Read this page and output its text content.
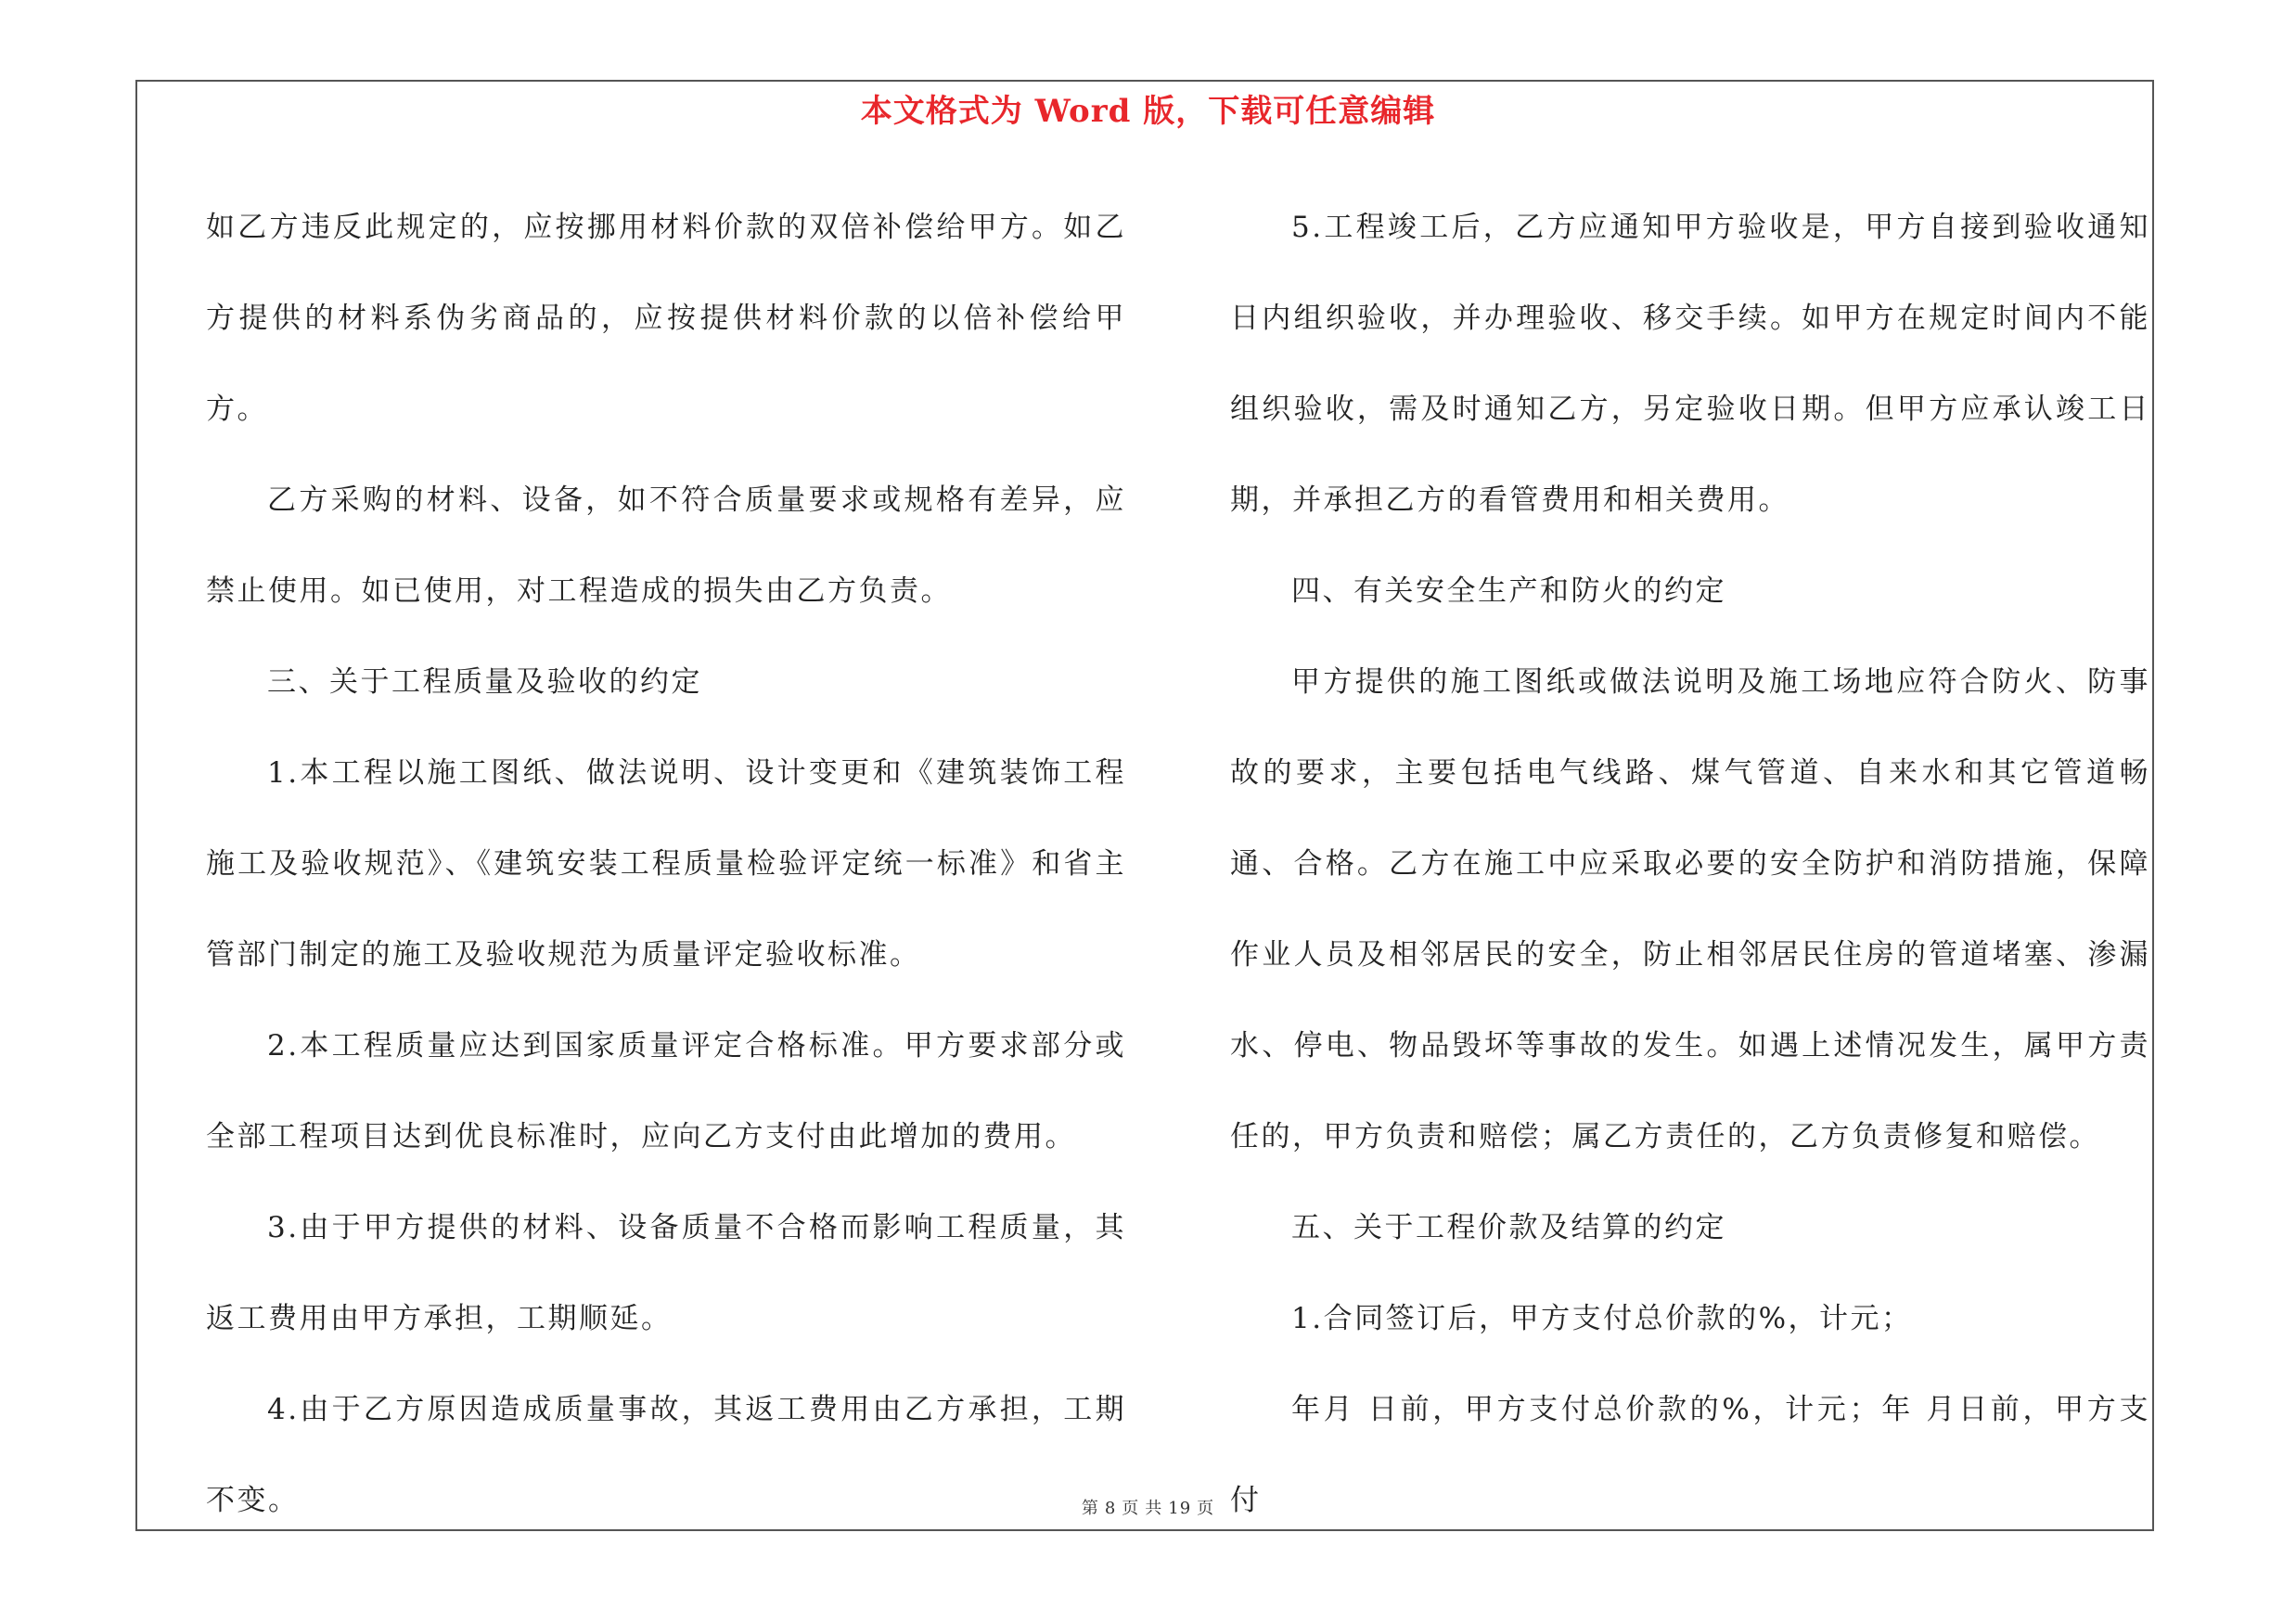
本文格式为 Word 版，下载可任意编辑

如乙方违反此规定的，应按挪用材料价款的双倍补偿给甲方。如乙方提供的材料系伪劣商品的，应按提供材料价款的以倍补偿给甲方。

乙方采购的材料、设备，如不符合质量要求或规格有差异，应禁止使用。如已使用，对工程造成的损失由乙方负责。

三、关于工程质量及验收的约定

1.本工程以施工图纸、做法说明、设计变更和《建筑装饰工程施工及验收规范》、《建筑安装工程质量检验评定统一标准》和省主管部门制定的施工及验收规范为质量评定验收标准。

2.本工程质量应达到国家质量评定合格标准。甲方要求部分或全部工程项目达到优良标准时，应向乙方支付由此增加的费用。

3.由于甲方提供的材料、设备质量不合格而影响工程质量，其返工费用由甲方承担，工期顺延。

4.由于乙方原因造成质量事故，其返工费用由乙方承担，工期不变。

5.工程竣工后，乙方应通知甲方验收是，甲方自接到验收通知日内组织验收，并办理验收、移交手续。如甲方在规定时间内不能组织验收，需及时通知乙方，另定验收日期。但甲方应承认竣工日期，并承担乙方的看管费用和相关费用。

四、有关安全生产和防火的约定

甲方提供的施工图纸或做法说明及施工场地应符合防火、防事故的要求，主要包括电气线路、煤气管道、自来水和其它管道畅通、合格。乙方在施工中应采取必要的安全防护和消防措施，保障作业人员及相邻居民的安全，防止相邻居民住房的管道堵塞、渗漏水、停电、物品毁坏等事故的发生。如遇上述情况发生，属甲方责任的，甲方负责和赔偿；属乙方责任的，乙方负责修复和赔偿。

五、关于工程价款及结算的约定

1.合同签订后，甲方支付总价款的%，计元；

年月 日前，甲方支付总价款的%，计元；年 月日前，甲方支付

第 8 页 共 19 页
